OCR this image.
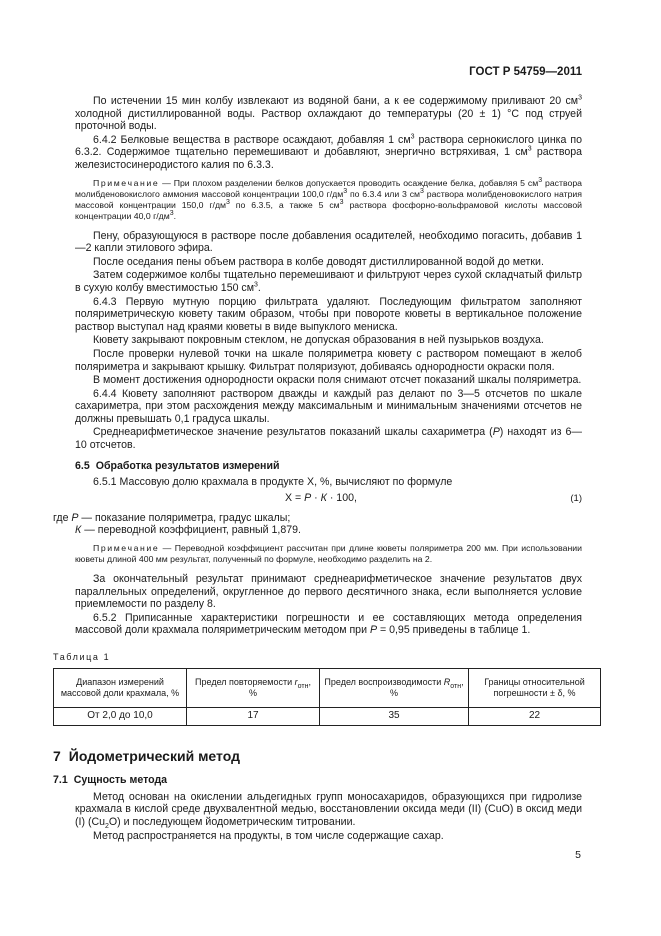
ГОСТ Р 54759—2011

По истечении 15 мин колбу извлекают из водяной бани, а к ее содержимому приливают 20 $см^3$ холодной дистиллированной воды. Раствор охлаждают до температуры (20 ± 1) °С под струей проточной воды.

6.4.2 Белковые вещества в растворе осаждают, добавляя 1 $см^3$ раствора сернокислого цинка по 6.3.2. Содержимое тщательно перемешивают и добавляют, энергично встряхивая, 1 $см^3$ раствора железистосинеродистого калия по 6.3.3.

Примечание — При плохом разделении белков допускается проводить осаждение белка, добавляя 5 $см^3$ раствора молибденовокислого аммония массовой концентрации 100,0 $г/дм^3$ по 6.3.4 или 3 $см^3$ раствора молибденовокислого натрия массовой концентрации 150,0 $г/дм^3$ по 6.3.5, а также 5 $см^3$ раствора фосфорно-вольфрамовой кислоты массовой концентрации 40,0 $г/дм^3$.

Пену, образующуюся в растворе после добавления осадителей, необходимо погасить, добавив 1—2 капли этилового эфира.

После оседания пены объем раствора в колбе доводят дистиллированной водой до метки.

Затем содержимое колбы тщательно перемешивают и фильтруют через сухой складчатый фильтр в сухую колбу вместимостью 150 $см^3$.

6.4.3 Первую мутную порцию фильтрата удаляют. Последующим фильтратом заполняют поляриметрическую кювету таким образом, чтобы при повороте кюветы в вертикальное положение раствор выступал над краями кюветы в виде выпуклого мениска.

Кювету закрывают покровным стеклом, не допуская образования в ней пузырьков воздуха.

После проверки нулевой точки на шкале поляриметра кювету с раствором помещают в желоб поляриметра и закрывают крышку. Фильтрат поляризуют, добиваясь однородности окраски поля.

В момент достижения однородности окраски поля снимают отсчет показаний шкалы поляриметра.

6.4.4 Кювету заполняют раствором дважды и каждый раз делают по 3—5 отсчетов по шкале сахариметра, при этом расхождения между максимальным и минимальным значениями отсчетов не должны превышать 0,1 градуса шкалы.

Среднеарифметическое значение результатов показаний шкалы сахариметра (Р) находят из 6—10 отсчетов.

6.5 Обработка результатов измерений

6.5.1 Массовую долю крахмала в продукте X, %, вычисляют по формуле

X = Р · К · 100,	(1)

где Р — показание поляриметра, градус шкалы;

К — переводной коэффициент, равный 1,879.

Примечание — Переводной коэффициент рассчитан при длине кюветы поляриметра 200 мм. При использовании кюветы длиной 400 мм результат, полученный по формуле, необходимо разделить на 2.

За окончательный результат принимают среднеарифметическое значение результатов двух параллельных определений, округленное до первого десятичного знака, если выполняется условие приемлемости по разделу 8.

6.5.2 Приписанные характеристики погрешности и ее составляющих метода определения массовой доли крахмала поляриметрическим методом при Р = 0,95 приведены в таблице 1.

Таблица 1
Диапазон измерений массовой доли крахмала, %	Предел повторяемости $r_{отн}$, %	Предел воспроизводимости $R_{отн}$, %	Границы относительной погрешности ± δ, %
От 2,0 до 10,0	17	35	22
7 Йодометрический метод
7.1 Сущность метода

Метод основан на окислении альдегидных групп моносахаридов, образующихся при гидролизе крахмала в кислой среде двухвалентной медью, восстановлении оксида меди (II) (CuO) в оксид меди (I) $(Cu_2O)$ и последующем йодометрическим титровании.

Метод распространяется на продукты, в том числе содержащие сахар.

5
